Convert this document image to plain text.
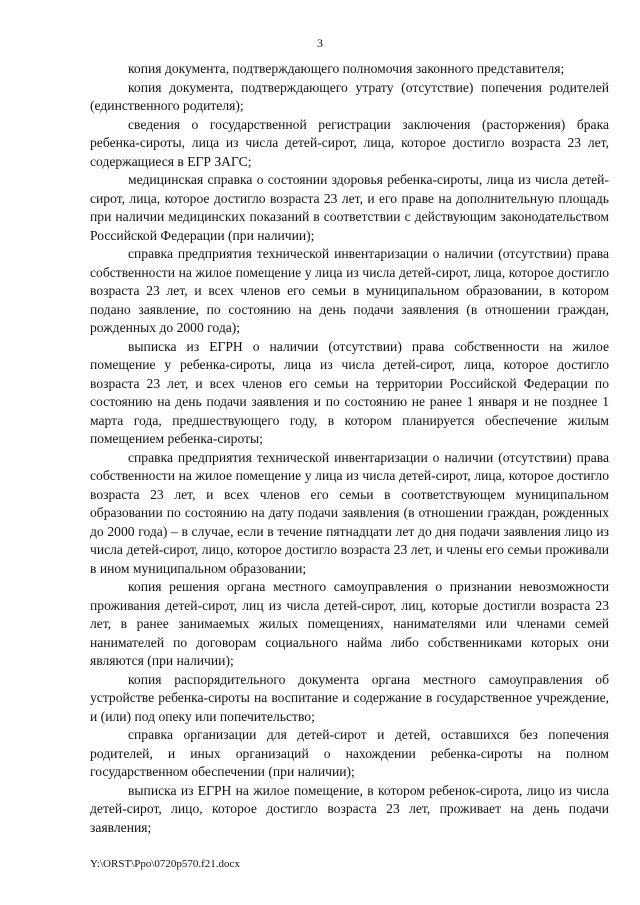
3

копия документа, подтверждающего полномочия законного представителя;

копия документа, подтверждающего утрату (отсутствие) попечения родителей (единственного родителя);

сведения о государственной регистрации заключения (расторжения) брака ребенка-сироты, лица из числа детей-сирот, лица, которое достигло возраста 23 лет, содержащиеся в ЕГР ЗАГС;

медицинская справка о состоянии здоровья ребенка-сироты, лица из числа детей-сирот, лица, которое достигло возраста 23 лет, и его праве на дополнительную площадь при наличии медицинских показаний в соответствии с действующим законодательством Российской Федерации (при наличии);

справка предприятия технической инвентаризации о наличии (отсутствии) права собственности на жилое помещение у лица из числа детей-сирот, лица, которое достигло возраста 23 лет, и всех членов его семьи в муниципальном образовании, в котором подано заявление, по состоянию на день подачи заявления (в отношении граждан, рожденных до 2000 года);

выписка из ЕГРН о наличии (отсутствии) права собственности на жилое помещение у ребенка-сироты, лица из числа детей-сирот, лица, которое достигло возраста 23 лет, и всех членов его семьи на территории Российской Федерации по состоянию на день подачи заявления и по состоянию не ранее 1 января и не позднее 1 марта года, предшествующего году, в котором планируется обеспечение жилым помещением ребенка-сироты;

справка предприятия технической инвентаризации о наличии (отсутствии) права собственности на жилое помещение у лица из числа детей-сирот, лица, которое достигло возраста 23 лет, и всех членов его семьи в соответствующем муниципальном образовании по состоянию на дату подачи заявления (в отношении граждан, рожденных до 2000 года) – в случае, если в течение пятнадцати лет до дня подачи заявления лицо из числа детей-сирот, лицо, которое достигло возраста 23 лет, и члены его семьи проживали в ином муниципальном образовании;

копия решения органа местного самоуправления о признании невозможности проживания детей-сирот, лиц из числа детей-сирот, лиц, которые достигли возраста 23 лет, в ранее занимаемых жилых помещениях, нанимателями или членами семей нанимателей по договорам социального найма либо собственниками которых они являются (при наличии);

копия распорядительного документа органа местного самоуправления об устройстве ребенка-сироты на воспитание и содержание в государственное учреждение, и (или) под опеку или попечительство;

справка организации для детей-сирот и детей, оставшихся без попечения родителей, и иных организаций о нахождении ребенка-сироты на полном государственном обеспечении (при наличии);

выписка из ЕГРН на жилое помещение, в котором ребенок-сирота, лицо из числа детей-сирот, лицо, которое достигло возраста 23 лет, проживает на день подачи заявления;

Y:\ORST\Ppo\0720p570.f21.docx
